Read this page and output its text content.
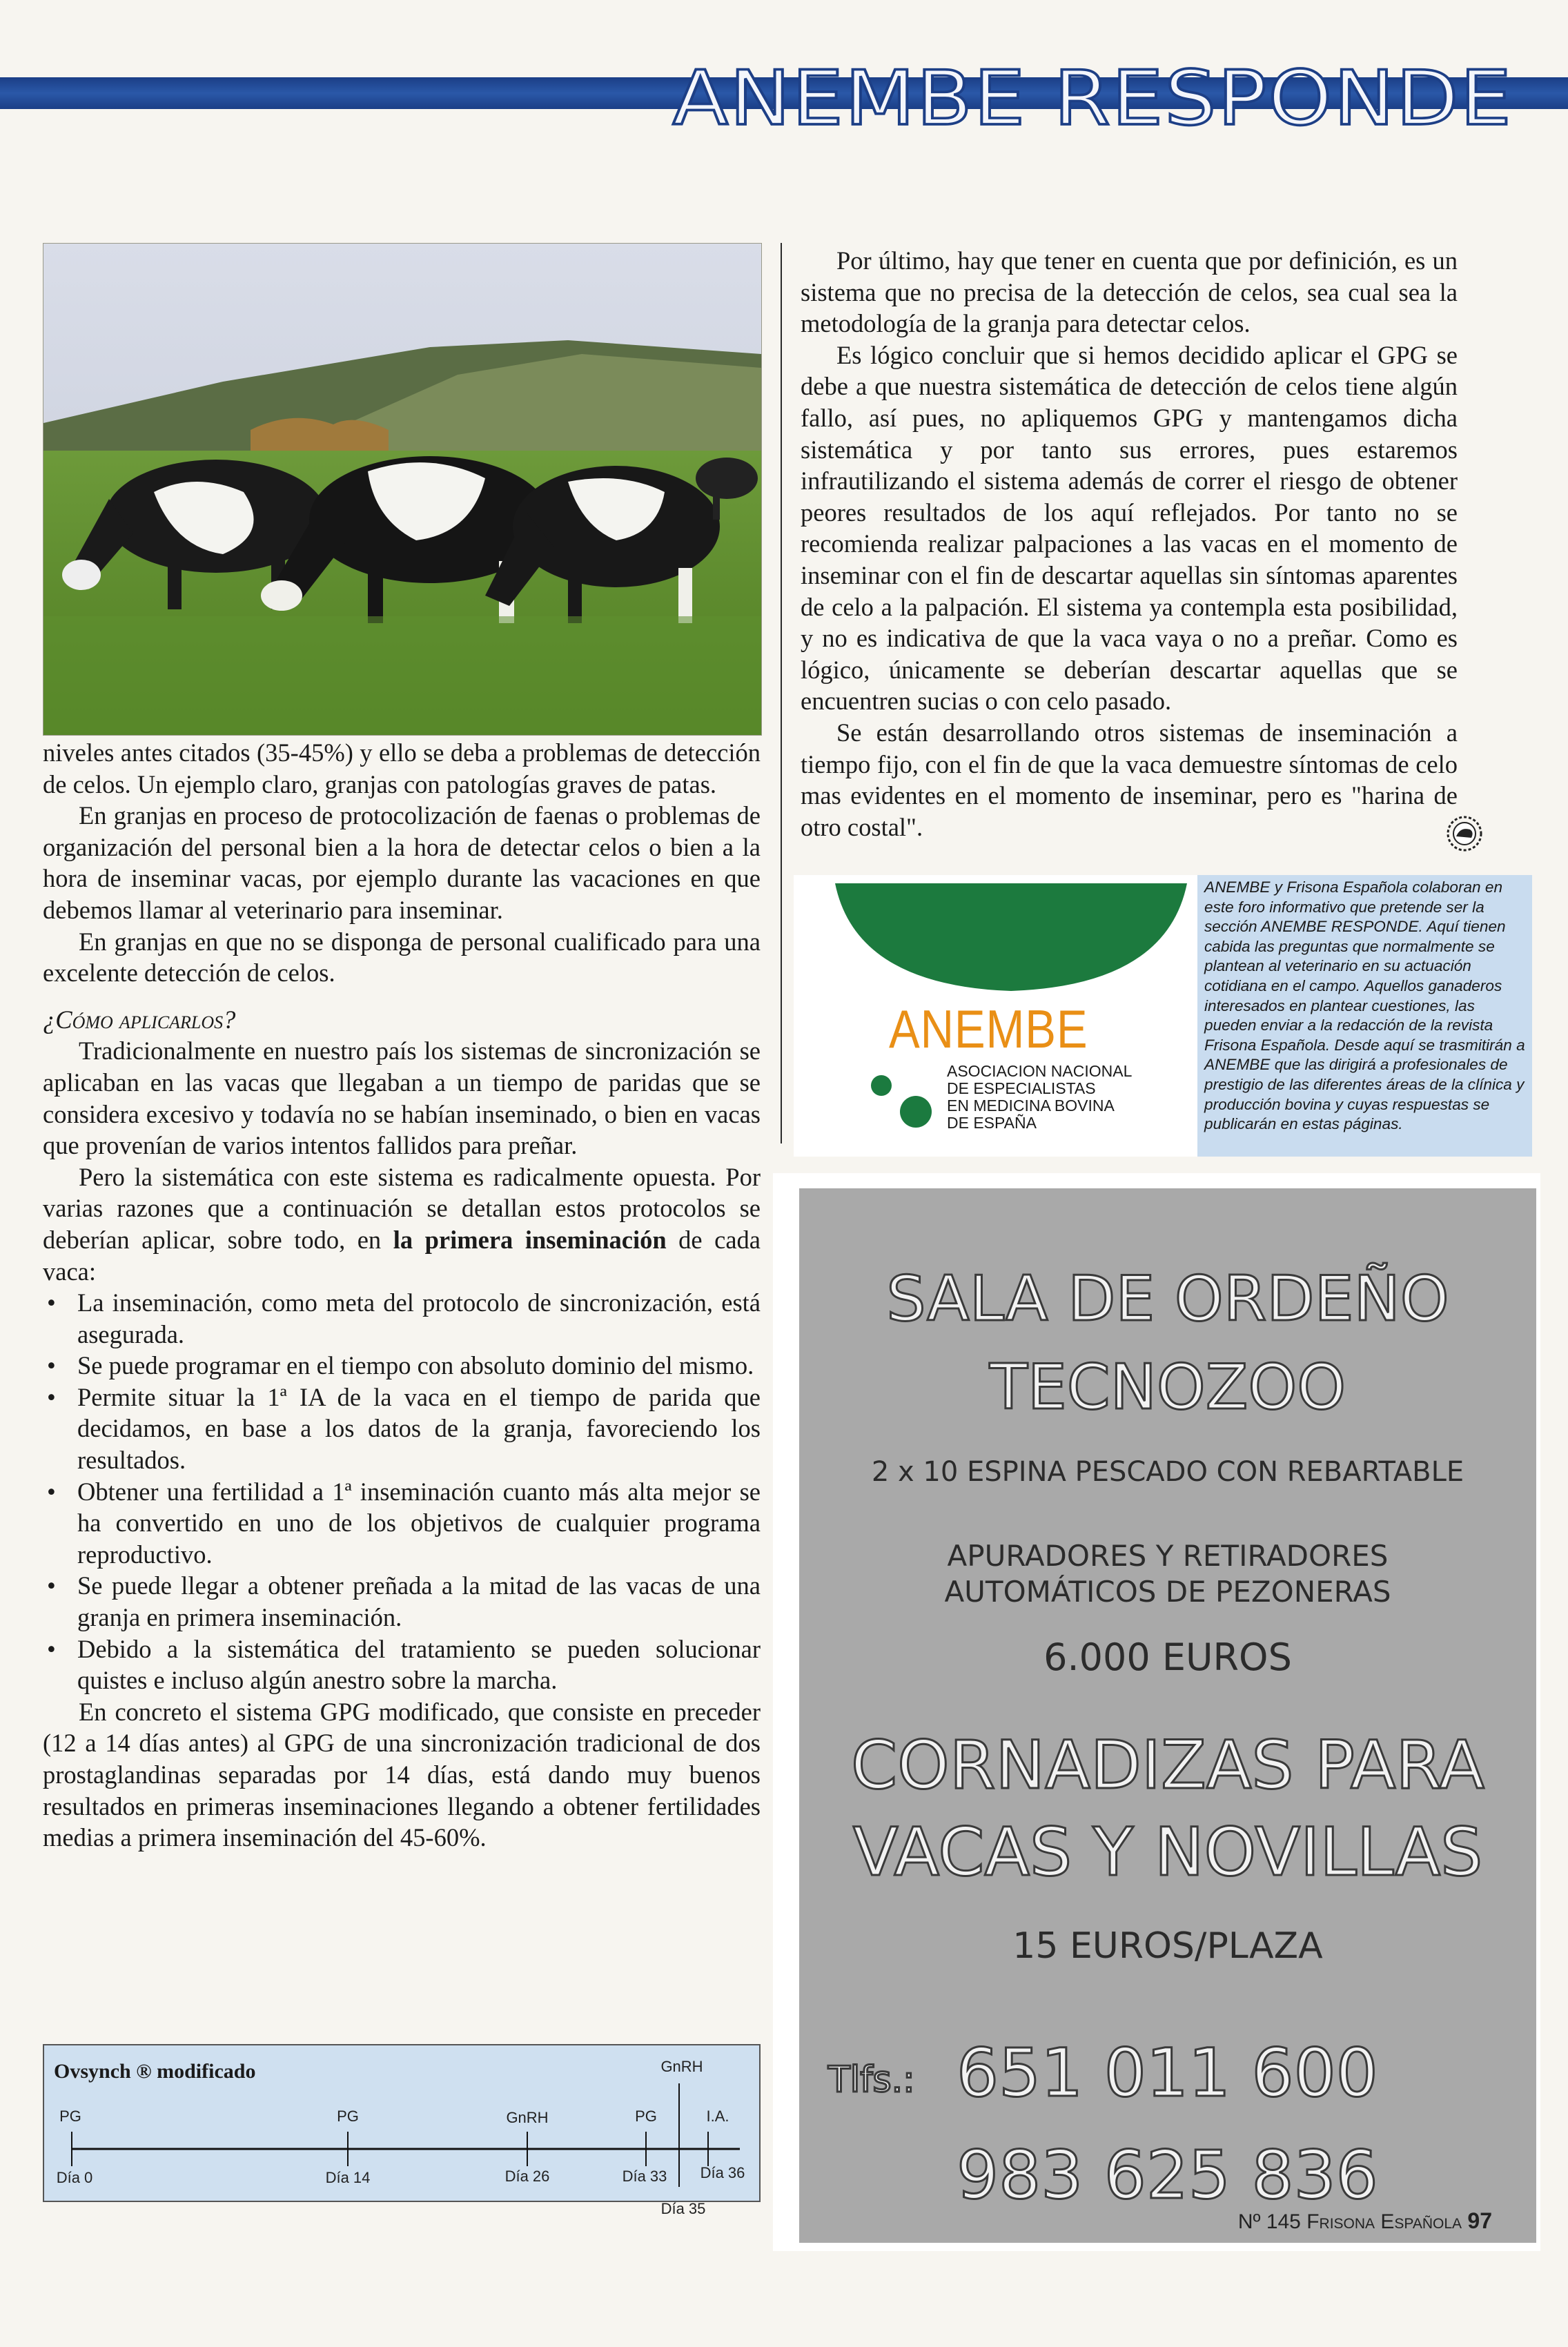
ANEMBE RESPONDE

niveles antes citados (35-45%) y ello se deba a problemas de detección de celos. Un ejemplo claro, granjas con patologías graves de patas.

En granjas en proceso de protocolización de faenas o problemas de organización del personal bien a la hora de detectar celos o bien a la hora de inseminar vacas, por ejemplo durante las vacaciones en que debemos llamar al veterinario para inseminar.

En granjas en que no se disponga de personal cualificado para una excelente detección de celos.

¿Cómo aplicarlos?

Tradicionalmente en nuestro país los sistemas de sincronización se aplicaban en las vacas que llegaban a un tiempo de paridas que se considera excesivo y todavía no se habían inseminado, o bien en vacas que provenían de varios intentos fallidos para preñar.

Pero la sistemática con este sistema es radicalmente opuesta. Por varias razones que a continuación se detallan estos protocolos se deberían aplicar, sobre todo, en la primera inseminación de cada vaca:

• La inseminación, como meta del protocolo de sincronización, está asegurada.

• Se puede programar en el tiempo con absoluto dominio del mismo.

• Permite situar la 1ª IA de la vaca en el tiempo de parida que decidamos, en base a los datos de la granja, favoreciendo los resultados.

• Obtener una fertilidad a 1ª inseminación cuanto más alta mejor se ha convertido en uno de los objetivos de cualquier programa reproductivo.

• Se puede llegar a obtener preñada a la mitad de las vacas de una granja en primera inseminación.

• Debido a la sistemática del tratamiento se pueden solucionar quistes e incluso algún anestro sobre la marcha.

En concreto el sistema GPG modificado, que consiste en preceder (12 a 14 días antes) al GPG de una sincronización tradicional de dos prostaglandinas separadas por 14 días, está dando muy buenos resultados en primeras inseminaciones llegando a obtener fertilidades medias a primera inseminación del 45-60%.

Por último, hay que tener en cuenta que por definición, es un sistema que no precisa de la detección de celos, sea cual sea la metodología de la granja para detectar celos.

Es lógico concluir que si hemos decidido aplicar el GPG se debe a que nuestra sistemática de detección de celos tiene algún fallo, así pues, no apliquemos GPG y mantengamos dicha sistemática y por tanto sus errores, pues estaremos infrautilizando el sistema además de correr el riesgo de obtener peores resultados de los aquí reflejados. Por tanto no se recomienda realizar palpaciones a las vacas en el momento de inseminar con el fin de descartar aquellas sin síntomas aparentes de celo a la palpación. El sistema ya contempla esta posibilidad, y no es indicativa de que la vaca vaya o no a preñar. Como es lógico, únicamente se deberían descartar aquellas que se encuentren sucias o con celo pasado.

Se están desarrollando otros sistemas de inseminación a tiempo fijo, con el fin de que la vaca demuestre síntomas de celo mas evidentes en el momento de inseminar, pero es "harina de otro costal".

ANEMBE
ASOCIACION NACIONAL
DE ESPECIALISTAS
EN MEDICINA BOVINA
DE ESPAÑA
ANEMBE y Frisona Española colaboran en este foro informativo que pretende ser la sección ANEMBE RESPONDE. Aquí tienen cabida las preguntas que normalmente se plantean al veterinario en su actuación cotidiana en el campo. Aquellos ganaderos interesados en plantear cuestiones, las pueden enviar a la redacción de la revista Frisona Española. Desde aquí se trasmitirán a ANEMBE que las dirigirá a profesionales de prestigio de las diferentes áreas de la clínica y producción bovina y cuyas respuestas se publicarán en estas páginas.
SALA DE ORDEÑO
TECNOZOO
2 x 10 ESPINA PESCADO CON REBARTABLE
APURADORES Y RETIRADORES
AUTOMÁTICOS DE PEZONERAS
6.000 EUROS
CORNADIZAS PARA
VACAS Y NOVILLAS
15 EUROS/PLAZA
Tlfs.: 651 011 600
983 625 836
PG	PG	GnRH	PG
GnRH
I.A.
Día 0	Día 14	Día 26	Día 33
Día 35
Día 36
Ovsynch ® modificado
Nº 145 Frisona Española 97
